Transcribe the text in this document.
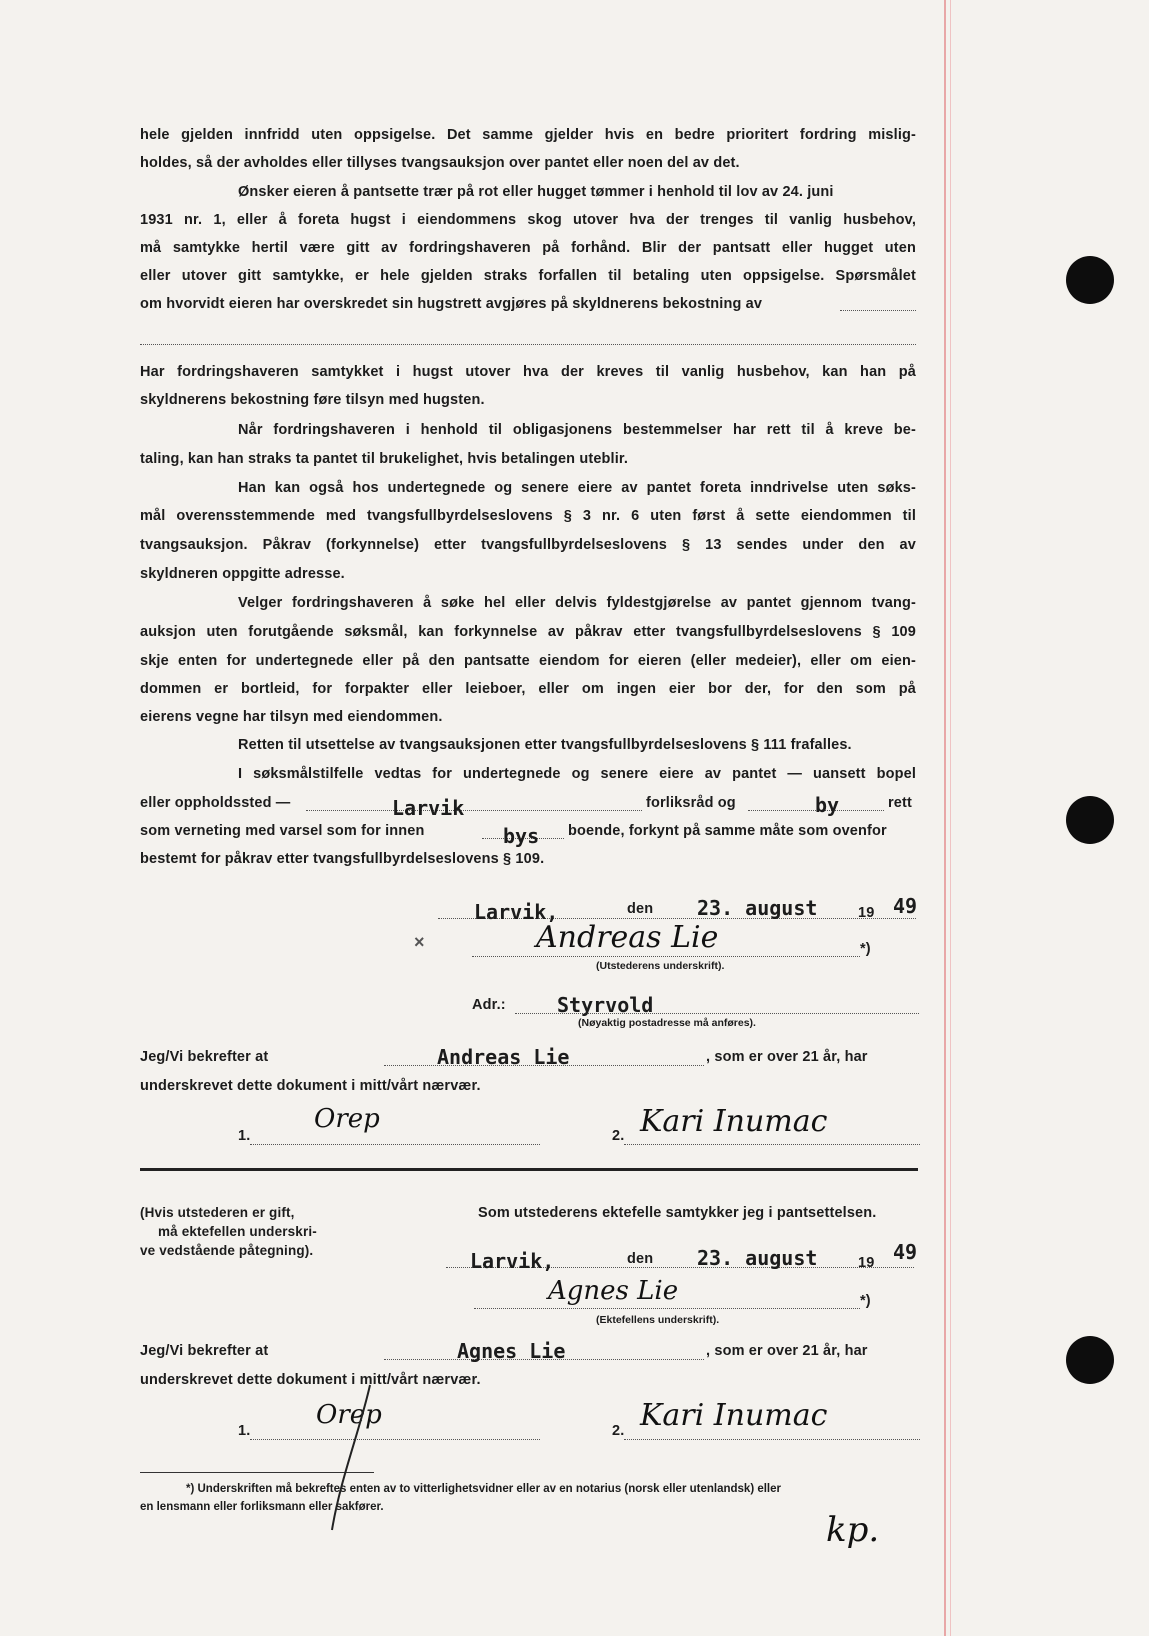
hele gjelden innfridd uten oppsigelse. Det samme gjelder hvis en bedre prioritert fordring mislig-
holdes, så der avholdes eller tillyses tvangsauksjon over pantet eller noen del av det.
Ønsker eieren å pantsette trær på rot eller hugget tømmer i henhold til lov av 24. juni
1931 nr. 1, eller å foreta hugst i eiendommens skog utover hva der trenges til vanlig husbehov,
må samtykke hertil være gitt av fordringshaveren på forhånd. Blir der pantsatt eller hugget uten
eller utover gitt samtykke, er hele gjelden straks forfallen til betaling uten oppsigelse. Spørsmålet
om hvorvidt eieren har overskredet sin hugstrett avgjøres på skyldnerens bekostning av
Har fordringshaveren samtykket i hugst utover hva der kreves til vanlig husbehov, kan han på
skyldnerens bekostning føre tilsyn med hugsten.
Når fordringshaveren i henhold til obligasjonens bestemmelser har rett til å kreve be-
taling, kan han straks ta pantet til brukelighet, hvis betalingen uteblir.
Han kan også hos undertegnede og senere eiere av pantet foreta inndrivelse uten søks-
mål overensstemmende med tvangsfullbyrdelseslovens § 3 nr. 6 uten først å sette eiendommen til
tvangsauksjon. Påkrav (forkynnelse) etter tvangsfullbyrdelseslovens § 13 sendes under den av
skyldneren oppgitte adresse.
Velger fordringshaveren å søke hel eller delvis fyldestgjørelse av pantet gjennom tvang-
auksjon uten forutgående søksmål, kan forkynnelse av påkrav etter tvangsfullbyrdelseslovens § 109
skje enten for undertegnede eller på den pantsatte eiendom for eieren (eller medeier), eller om eien-
dommen er bortleid, for forpakter eller leieboer, eller om ingen eier bor der, for den som på
eierens vegne har tilsyn med eiendommen.
Retten til utsettelse av tvangsauksjonen etter tvangsfullbyrdelseslovens § 111 frafalles.
I søksmålstilfelle vedtas for undertegnede og senere eiere av pantet — uansett bopel
eller oppholdssted —	Larvik	forliksråd og	by	rett
som verneting med varsel som for innen	bys boende, forkynt på samme måte som ovenfor
bestemt for påkrav etter tvangsfullbyrdelseslovens § 109.
Larvik,	den 23. august	19 49
×	Andreas Lie	*)
(Utstederens underskrift).
Adr.:	Styrvold
(Nøyaktig postadresse må anføres).
Jeg/Vi bekrefter at	Andreas Lie	, som er over 21 år, har
underskrevet dette dokument i mitt/vårt nærvær.
1.
Orep
2. Kari Inumac
(Hvis utstederen er gift,
må ektefellen underskri-
ve vedstående påtegning).
Som utstederens ektefelle samtykker jeg i pantsettelsen.
Larvik,	den 23. august	19 49
Agnes Lie	*)
(Ektefellens underskrift).
Jeg/Vi bekrefter at	Agnes Lie	, som er over 21 år, har
underskrevet dette dokument i mitt/vårt nærvær.
1.
Orep
2. Kari Inumac
*) Underskriften må bekreftes enten av to vitterlighetsvidner eller av en notarius (norsk eller utenlandsk) eller
en lensmann eller forliksmann eller sakfører.
kp.
